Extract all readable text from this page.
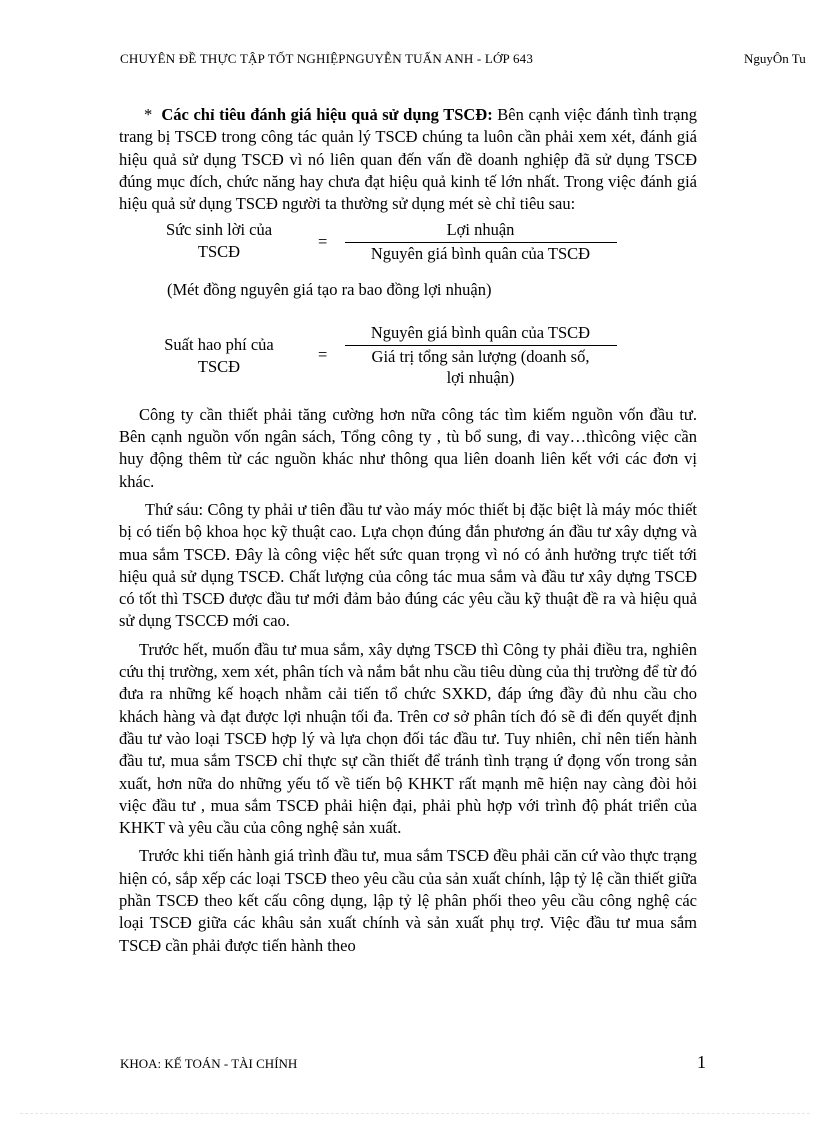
CHUYÊN ĐỀ THỰC TẬP TỐT NGHIỆPNGUYỄN TUẤN ANH - LỚP 643	NguyÔn Tu

* Các chỉ tiêu đánh giá hiệu quả sử dụng TSCĐ: Bên cạnh việc đánh tình trạng trang bị TSCĐ trong công tác quản lý TSCĐ chúng ta luôn cần phải xem xét, đánh giá hiệu quả sử dụng TSCĐ vì nó liên quan đến vấn đề doanh nghiệp đã sử dụng TSCĐ đúng mục đích, chức năng hay chưa đạt hiệu quả kinh tế lớn nhất. Trong việc đánh giá hiệu quả sử dụng TSCĐ người ta thường sử dụng mét sè chỉ tiêu sau:

Sức sinh lời của
TSCĐ
=
Lợi nhuận
Nguyên giá bình quân của TSCĐ

(Mét đồng nguyên giá tạo ra bao đồng lợi nhuận)

Suất hao phí của
TSCĐ
=
Nguyên giá bình quân của TSCĐ
Giá trị tổng sản lượng (doanh số,
lợi nhuận)

Công ty cần thiết phải tăng cường hơn nữa công tác tìm kiếm nguồn vốn đầu tư. Bên cạnh nguồn vốn ngân sách, Tổng công ty , tù bổ sung, đi vay…thìcông việc cần huy động thêm từ các nguồn khác như thông qua liên doanh liên kết với các đơn vị khác.

Thứ sáu: Công ty phải ư tiên đầu tư vào máy móc thiết bị đặc biệt là máy móc thiết bị có tiến bộ khoa học kỹ thuật cao. Lựa chọn đúng đắn phương án đầu tư xây dựng và mua sắm TSCĐ. Đây là công việc hết sức quan trọng vì nó có ảnh hưởng trực tiết tới hiệu quả sử dụng TSCĐ. Chất lượng của công tác mua sắm và đầu tư xây dựng TSCĐ có tốt thì TSCĐ được đầu tư mới đảm bảo đúng các yêu cầu kỹ thuật đề ra và hiệu quả sử dụng TSCCĐ mới cao.

Trước hết, muốn đầu tư mua sắm, xây dựng TSCĐ thì Công ty phải điều tra, nghiên cứu thị trường, xem xét, phân tích và nắm bắt nhu cầu tiêu dùng của thị trường để từ đó đưa ra những kế hoạch nhằm cải tiến tổ chức SXKD, đáp ứng đầy đủ nhu cầu cho khách hàng và đạt được lợi nhuận tối đa. Trên cơ sở phân tích đó sẽ đi đến quyết định đầu tư vào loại TSCĐ hợp lý và lựa chọn đối tác đầu tư. Tuy nhiên, chỉ nên tiến hành đầu tư, mua sắm TSCĐ chỉ thực sự cần thiết để tránh tình trạng ứ đọng vốn trong sản xuất, hơn nữa do những yếu tố về tiến bộ KHKT rất mạnh mẽ hiện nay càng đòi hỏi việc đầu tư , mua sắm TSCĐ phải hiện đại, phải phù hợp với trình độ phát triển của KHKT và yêu cầu của công nghệ sản xuất.

Trước khi tiến hành giá trình đầu tư, mua sắm TSCĐ đều phải căn cứ vào thực trạng hiện có, sắp xếp các loại TSCĐ theo yêu cầu của sản xuất chính, lập tỷ lệ cần thiết giữa phần TSCĐ theo kết cấu công dụng, lập tỷ lệ phân phối theo yêu cầu công nghệ các loại TSCĐ giữa các khâu sản xuất chính và sản xuất phụ trợ. Việc đầu tư mua sắm TSCĐ cần phải được tiến hành theo

KHOA: KẾ TOÁN - TÀI CHÍNH	1
